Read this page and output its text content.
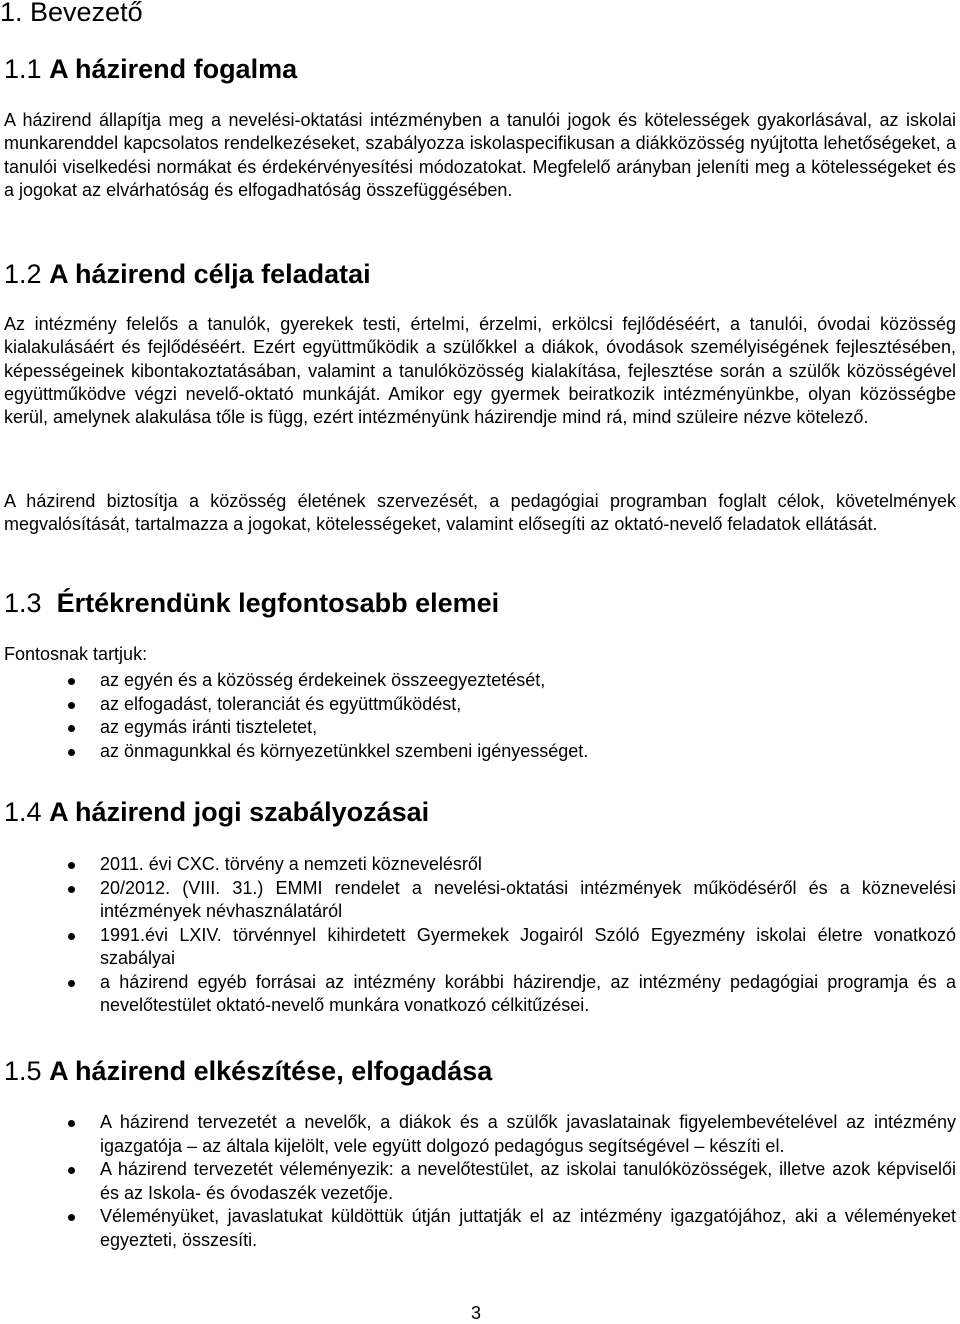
1. Bevezető
1.1 A házirend fogalma

A házirend állapítja meg a nevelési-oktatási intézményben a tanulói jogok és kötelességek gyakorlásával, az iskolai munkarenddel kapcsolatos rendelkezéseket, szabályozza iskolaspecifikusan a diákközösség nyújtotta lehetőségeket, a tanulói viselkedési normákat és érdekérvényesítési módozatokat. Megfelelő arányban jeleníti meg a kötelességeket és a jogokat az elvárhatóság és elfogadhatóság összefüggésében.

1.2 A házirend célja feladatai

Az intézmény felelős a tanulók, gyerekek testi, értelmi, érzelmi, erkölcsi fejlődéséért, a tanulói, óvodai közösség kialakulásáért és fejlődéséért. Ezért együttműködik a szülőkkel a diákok, óvodások személyiségének fejlesztésében, képességeinek kibontakoztatásában, valamint a tanulóközösség kialakítása, fejlesztése során a szülők közösségével együttműködve végzi nevelő-oktató munkáját. Amikor egy gyermek beiratkozik intézményünkbe, olyan közösségbe kerül, amelynek alakulása tőle is függ, ezért intézményünk házirendje mind rá, mind szüleire nézve kötelező.

A házirend biztosítja a közösség életének szervezését, a pedagógiai programban foglalt célok, követelmények megvalósítását, tartalmazza a jogokat, kötelességeket, valamint elősegíti az oktató-nevelő feladatok ellátását.

1.3 Értékrendünk legfontosabb elemei

Fontosnak tartjuk:

az egyén és a közösség érdekeinek összeegyeztetését,
az elfogadást, toleranciát és együttműködést,
az egymás iránti tiszteletet,
az önmagunkkal és környezetünkkel szembeni igényességet.
1.4 A házirend jogi szabályozásai
2011. évi CXC. törvény a nemzeti köznevelésről
20/2012. (VIII. 31.) EMMI rendelet a nevelési-oktatási intézmények működéséről és a köznevelési intézmények névhasználatáról
1991.évi LXIV. törvénnyel kihirdetett Gyermekek Jogairól Szóló Egyezmény iskolai életre vonatkozó szabályai
a házirend egyéb forrásai az intézmény korábbi házirendje, az intézmény pedagógiai programja és a nevelőtestület oktató-nevelő munkára vonatkozó célkitűzései.
1.5 A házirend elkészítése, elfogadása
A házirend tervezetét a nevelők, a diákok és a szülők javaslatainak figyelembevételével az intézmény igazgatója – az általa kijelölt, vele együtt dolgozó pedagógus segítségével – készíti el.
A házirend tervezetét véleményezik: a nevelőtestület, az iskolai tanulóközösségek, illetve azok képviselői és az Iskola- és óvodaszék vezetője.
Véleményüket, javaslatukat küldöttük útján juttatják el az intézmény igazgatójához, aki a véleményeket egyezteti, összesíti.
3
